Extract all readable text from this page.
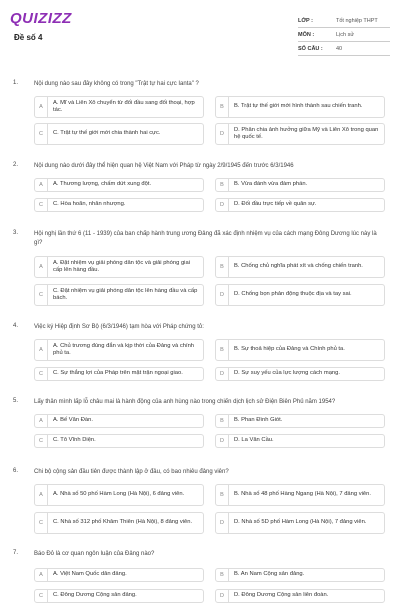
QUIZIZZ
Đề số 4
LỚP :	Tốt nghiệp THPT
MÔN :	Lịch sử
SỐ CÂU :	40
1.	Nội dung nào sau đây không có trong "Trật tự hai cực Ianta" ?
A
A. Mĩ và Liên Xô chuyển từ đối đầu sang đối thoại, hợp tác.	B	B. Trật tự thế giới mới hình thành sau chiến tranh.
C	C. Trật tự thế giới mới chia thành hai cực.	D
D. Phân chia ảnh hưởng giữa Mỹ và Liên Xô trong quan hệ quốc tế.
2.	Nội dung nào dưới đây thể hiện quan hệ Việt Nam với Pháp từ ngày 2/9/1945 đến trước 6/3/1946
A	A. Thương lượng, chấm dứt xung đột.	B	B. Vừa đánh vừa đàm phán.
C	C. Hòa hoãn, nhân nhượng.	D	D. Đối đầu trực tiếp về quân sự.
3.	Hội nghị lần thứ 6 (11 - 1939) của ban chấp hành trung ương Đảng đã xác định nhiệm vụ của cách mạng Đông Dương lúc này là gì?
A
A. Đặt nhiệm vụ giải phóng dân tộc và giải phóng giai cấp lên hàng đầu.	B	B. Chống chủ nghĩa phát xít và chống chiến tranh.
C
C. Đặt nhiệm vụ giải phóng dân tộc lên hàng đầu và cấp bách.	D	D. Chống bọn phản động thuộc địa và tay sai.
4.	Việc ký Hiệp định Sơ Bộ (6/3/1946) tạm hòa với Pháp chứng tỏ:
A
A. Chủ trương đúng đắn và kịp thời của Đảng và chính phủ ta.	B	B. Sự thoả hiệp của Đảng và Chính phủ ta.
C	C. Sự thắng lợi của Pháp trên mặt trận ngoại giao.	D	D. Sự suy yếu của lực lượng cách mạng.
5.	Lấy thân mình lấp lỗ châu mai là hành động của anh hùng nào trong chiến dịch lịch sử Điện Biên Phủ năm 1954?
A	A. Bế Văn Đàn.	B	B. Phan Đình Giót.
C	C. Tô Vĩnh Diện.	D	D. La Văn Cầu.
6.	Chi bộ cộng sản đầu tiên được thành lập ở đâu, có bao nhiêu đảng viên?
A	A. Nhà số 50 phố Hàm Long (Hà Nội), 6 đảng viên.	B	B. Nhà số 48 phố Hàng Ngang (Hà Nội), 7 đảng viên.
C	C. Nhà số 312 phố Khâm Thiên (Hà Nội), 8 đảng viên.	D	D. Nhà số 5D phố Hàm Long (Hà Nội), 7 đảng viên.
7.	Báo Đỏ là cơ quan ngôn luận của Đảng nào?
A	A. Việt Nam Quốc dân đảng.	B	B. An Nam Cộng sản đảng.
C	C. Đông Dương Cộng sản đảng.	D	D. Đông Dương Cộng sản liên đoàn.
